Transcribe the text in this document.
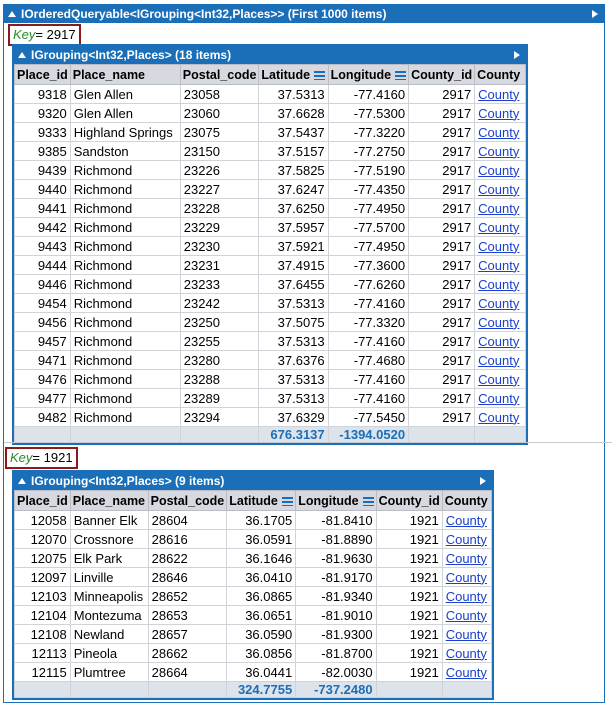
IOrderedQueryable<IGrouping<Int32,Places>> (First 1000 items)
Key= 2917
IGrouping<Int32,Places> (18 items)
Place_id	Place_name	Postal_code	Latitude	Longitude	County_id	County
9318	Glen Allen	23058	37.5313	-77.4160	2917	County
9320	Glen Allen	23060	37.6628	-77.5300	2917	County
9333	Highland Springs	23075	37.5437	-77.3220	2917	County
9385	Sandston	23150	37.5157	-77.2750	2917	County
9439	Richmond	23226	37.5825	-77.5190	2917	County
9440	Richmond	23227	37.6247	-77.4350	2917	County
9441	Richmond	23228	37.6250	-77.4950	2917	County
9442	Richmond	23229	37.5957	-77.5700	2917	County
9443	Richmond	23230	37.5921	-77.4950	2917	County
9444	Richmond	23231	37.4915	-77.3600	2917	County
9446	Richmond	23233	37.6455	-77.6260	2917	County
9454	Richmond	23242	37.5313	-77.4160	2917	County
9456	Richmond	23250	37.5075	-77.3320	2917	County
9457	Richmond	23255	37.5313	-77.4160	2917	County
9471	Richmond	23280	37.6376	-77.4680	2917	County
9476	Richmond	23288	37.5313	-77.4160	2917	County
9477	Richmond	23289	37.5313	-77.4160	2917	County
9482	Richmond	23294	37.6329	-77.5450	2917	County
			676.3137	-1394.0520		
Key= 1921
IGrouping<Int32,Places> (9 items)
Place_id	Place_name	Postal_code	Latitude	Longitude	County_id	County
12058	Banner Elk	28604	36.1705	-81.8410	1921	County
12070	Crossnore	28616	36.0591	-81.8890	1921	County
12075	Elk Park	28622	36.1646	-81.9630	1921	County
12097	Linville	28646	36.0410	-81.9170	1921	County
12103	Minneapolis	28652	36.0865	-81.9340	1921	County
12104	Montezuma	28653	36.0651	-81.9010	1921	County
12108	Newland	28657	36.0590	-81.9300	1921	County
12113	Pineola	28662	36.0856	-81.8700	1921	County
12115	Plumtree	28664	36.0441	-82.0030	1921	County
			324.7755	-737.2480		
